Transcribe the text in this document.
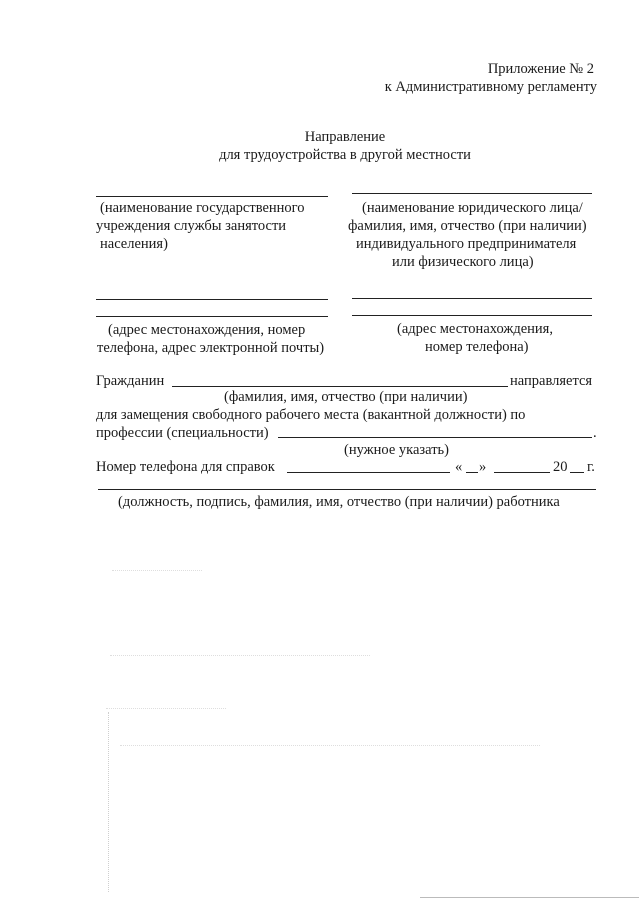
Приложение № 2
к Административному регламенту
Направление
для трудоустройства в другой местности
(наименование государственного
учреждения службы занятости
населения)
(наименование юридического лица/
фамилия, имя, отчество (при наличии)
индивидуального предпринимателя
или физического лица)
(адрес местонахождения, номер
телефона, адрес электронной почты)
(адрес местонахождения,
номер телефона)
Гражданин	направляется
(фамилия, имя, отчество (при наличии)
для замещения свободного рабочего места (вакантной должности) по
профессии (специальности)	.
(нужное указать)
Номер телефона для справок	« »	20 г.
(должность, подпись, фамилия, имя, отчество (при наличии) работника
